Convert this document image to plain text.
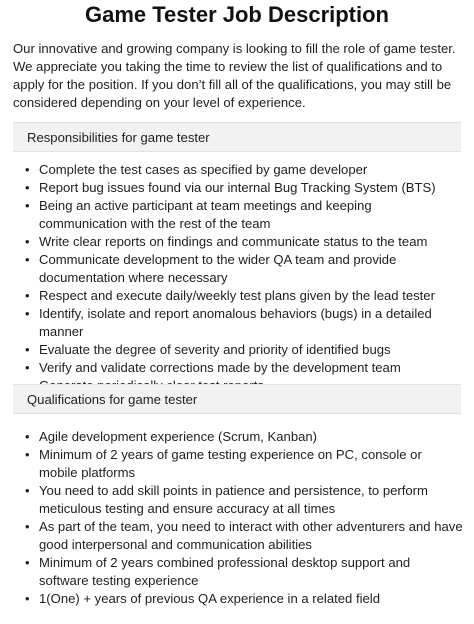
Game Tester Job Description

Our innovative and growing company is looking to fill the role of game tester. We appreciate you taking the time to review the list of qualifications and to apply for the position. If you don’t fill all of the qualifications, you may still be considered depending on your level of experience.

Responsibilities for game tester
• Complete the test cases as specified by game developer
• Report bug issues found via our internal Bug Tracking System (BTS)
• Being an active participant at team meetings and keeping communication with the rest of the team
• Write clear reports on findings and communicate status to the team
• Communicate development to the wider QA team and provide documentation where necessary
• Respect and execute daily/weekly test plans given by the lead tester
• Identify, isolate and report anomalous behaviors (bugs) in a detailed manner
• Evaluate the degree of severity and priority of identified bugs
• Verify and validate corrections made by the development team
Qualifications for game tester
• Agile development experience (Scrum, Kanban)
• Minimum of 2 years of game testing experience on PC, console or mobile platforms
• You need to add skill points in patience and persistence, to perform meticulous testing and ensure accuracy at all times
• As part of the team, you need to interact with other adventurers and have good interpersonal and communication abilities
• Minimum of 2 years combined professional desktop support and software testing experience
• 1(One) + years of previous QA experience in a related field
